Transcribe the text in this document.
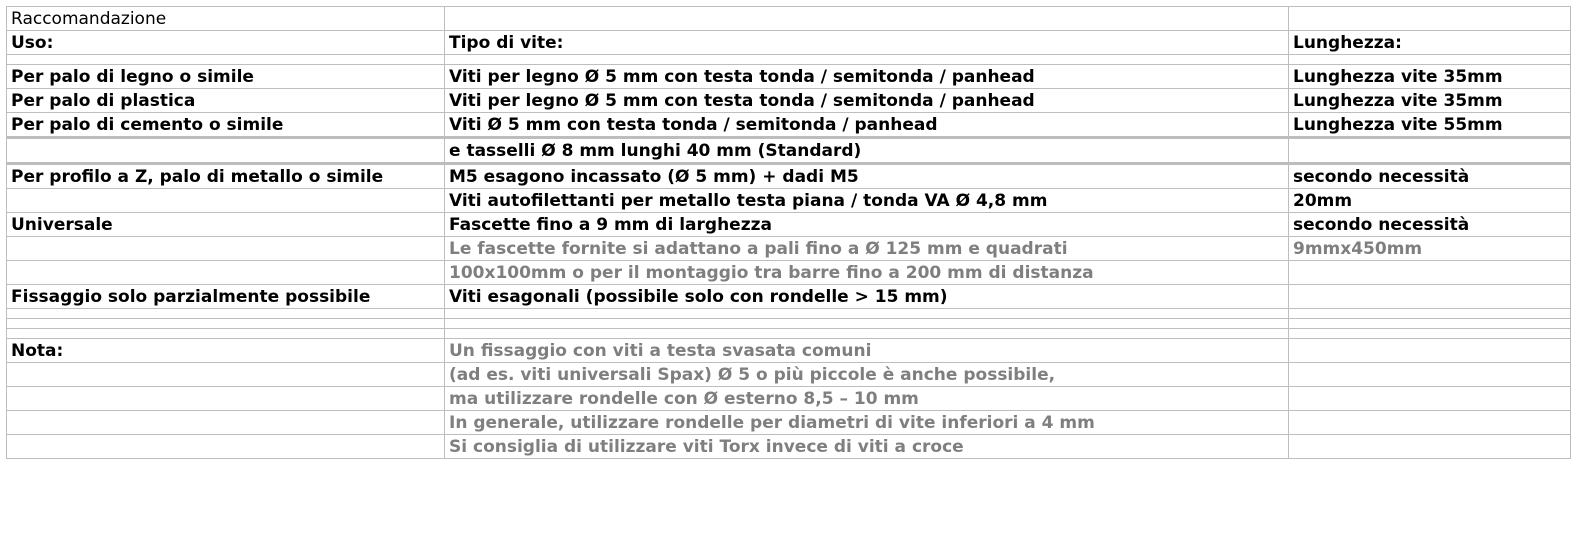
Raccomandazione		
Uso:	Tipo di vite:	Lunghezza:

Per palo di legno o simile	Viti per legno Ø 5 mm con testa tonda / semitonda / panhead	Lunghezza vite 35mm
Per palo di plastica	Viti per legno Ø 5 mm con testa tonda / semitonda / panhead	Lunghezza vite 35mm
Per palo di cemento o simile	Viti Ø 5 mm con testa tonda / semitonda / panhead	Lunghezza vite 55mm
	e tasselli Ø 8 mm lunghi 40 mm (Standard)	
Per profilo a Z, palo di metallo o simile	M5 esagono incassato (Ø 5 mm) + dadi M5	secondo necessità
	Viti autofilettanti per metallo testa piana / tonda VA Ø 4,8 mm	20mm
Universale	Fascette fino a 9 mm di larghezza	secondo necessità
	Le fascette fornite si adattano a pali fino a Ø 125 mm e quadrati	9mmx450mm
	100x100mm o per il montaggio tra barre fino a 200 mm di distanza	
Fissaggio solo parzialmente possibile	Viti esagonali (possibile solo con rondelle > 15 mm)	

Nota:	Un fissaggio con viti a testa svasata comuni	
	(ad es. viti universali Spax) Ø 5 o più piccole è anche possibile,	
	ma utilizzare rondelle con Ø esterno 8,5 – 10 mm	
	In generale, utilizzare rondelle per diametri di vite inferiori a 4 mm	
	Si consiglia di utilizzare viti Torx invece di viti a croce	
